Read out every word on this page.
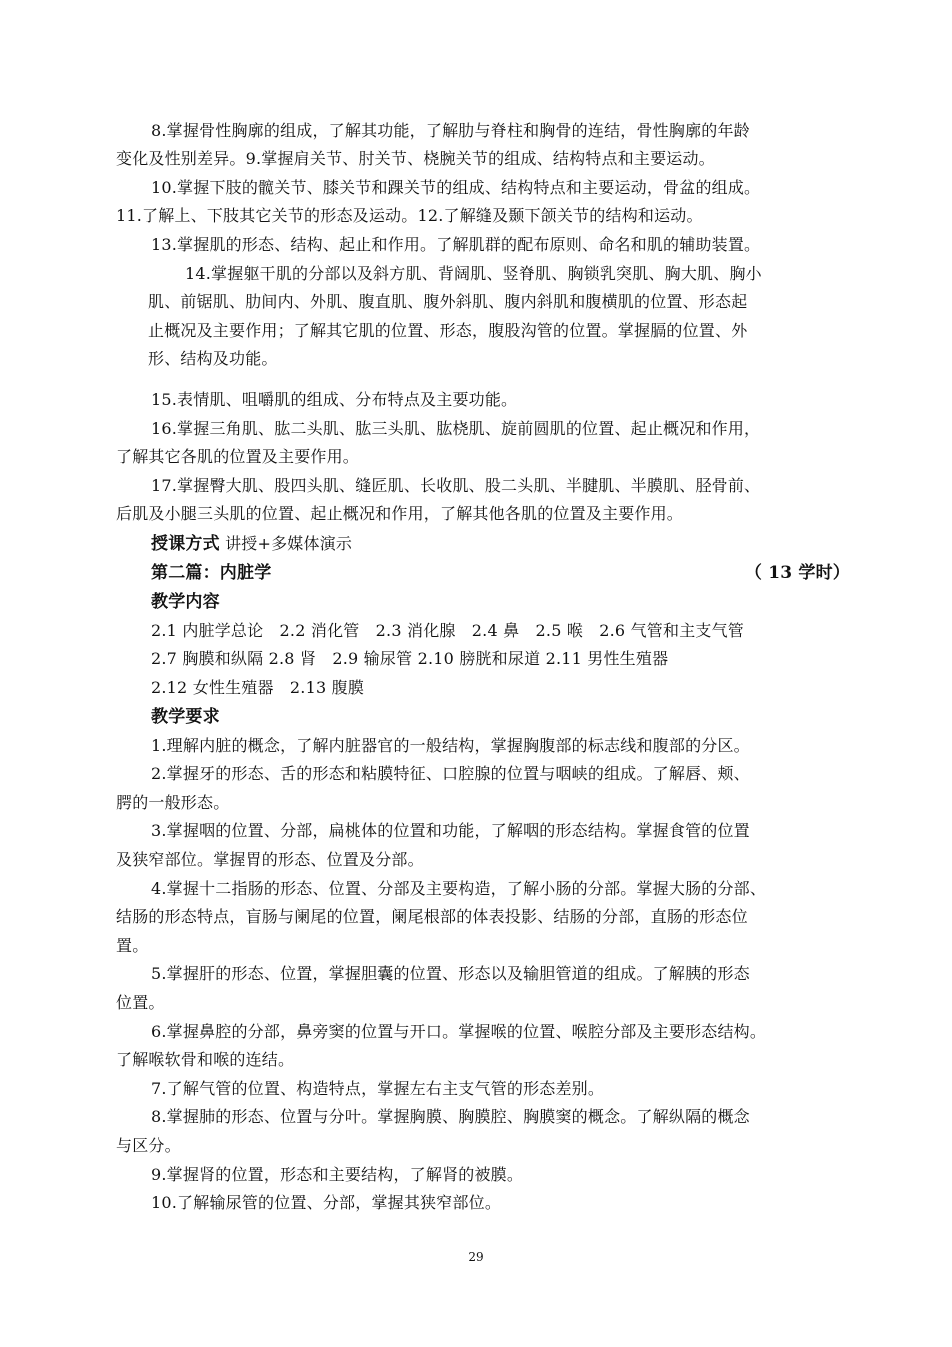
8.掌握骨性胸廓的组成，了解其功能，了解肋与脊柱和胸骨的连结，骨性胸廓的年龄

变化及性别差异。9.掌握肩关节、肘关节、桡腕关节的组成、结构特点和主要运动。

10.掌握下肢的髋关节、膝关节和踝关节的组成、结构特点和主要运动，骨盆的组成。

11.了解上、下肢其它关节的形态及运动。12.了解缝及颞下颌关节的结构和运动。

13.掌握肌的形态、结构、起止和作用。了解肌群的配布原则、命名和肌的辅助装置。

14.掌握躯干肌的分部以及斜方肌、背阔肌、竖脊肌、胸锁乳突肌、胸大肌、胸小

肌、前锯肌、肋间内、外肌、腹直肌、腹外斜肌、腹内斜肌和腹横肌的位置、形态起

止概况及主要作用；了解其它肌的位置、形态，腹股沟管的位置。掌握膈的位置、外

形、结构及功能。

15.表情肌、咀嚼肌的组成、分布特点及主要功能。

16.掌握三角肌、肱二头肌、肱三头肌、肱桡肌、旋前圆肌的位置、起止概况和作用，

了解其它各肌的位置及主要作用。

17.掌握臀大肌、股四头肌、缝匠肌、长收肌、股二头肌、半腱肌、半膜肌、胫骨前、

后肌及小腿三头肌的位置、起止概况和作用，了解其他各肌的位置及主要作用。

授课方式 讲授+多媒体演示

第二篇：内脏学	（ 13 学时）

教学内容

2.1 内脏学总论　2.2 消化管　2.3 消化腺　2.4 鼻　2.5 喉　2.6 气管和主支气管

2.7 胸膜和纵隔 2.8 肾　2.9 输尿管 2.10 膀胱和尿道 2.11 男性生殖器

2.12 女性生殖器　2.13 腹膜

教学要求

1.理解内脏的概念，了解内脏器官的一般结构，掌握胸腹部的标志线和腹部的分区。

2.掌握牙的形态、舌的形态和粘膜特征、口腔腺的位置与咽峡的组成。了解唇、颊、

腭的一般形态。

3.掌握咽的位置、分部，扁桃体的位置和功能，了解咽的形态结构。掌握食管的位置

及狭窄部位。掌握胃的形态、位置及分部。

4.掌握十二指肠的形态、位置、分部及主要构造，了解小肠的分部。掌握大肠的分部、

结肠的形态特点，盲肠与阑尾的位置，阑尾根部的体表投影、结肠的分部，直肠的形态位

置。

5.掌握肝的形态、位置，掌握胆囊的位置、形态以及输胆管道的组成。了解胰的形态

位置。

6.掌握鼻腔的分部，鼻旁窦的位置与开口。掌握喉的位置、喉腔分部及主要形态结构。

了解喉软骨和喉的连结。

7.了解气管的位置、构造特点，掌握左右主支气管的形态差别。

8.掌握肺的形态、位置与分叶。掌握胸膜、胸膜腔、胸膜窦的概念。了解纵隔的概念

与区分。

9.掌握肾的位置，形态和主要结构，了解肾的被膜。

10.了解输尿管的位置、分部，掌握其狭窄部位。

29
